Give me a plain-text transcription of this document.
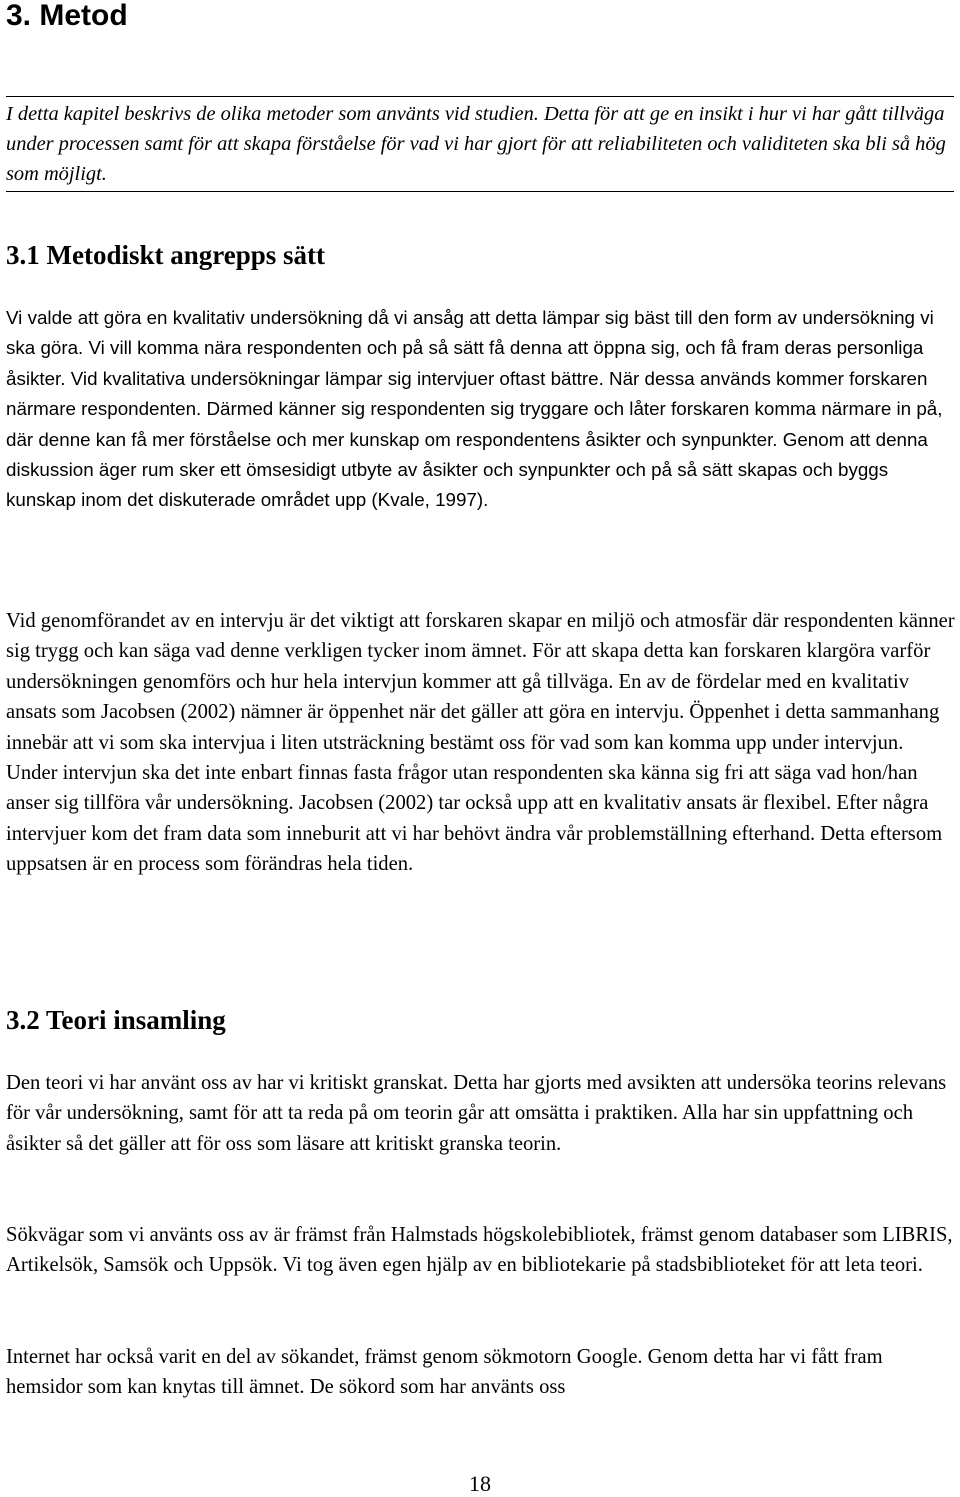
3. Metod
I detta kapitel beskrivs de olika metoder som använts vid studien. Detta för att ge en insikt i hur vi har gått tillväga under processen samt för att skapa förståelse för vad vi har gjort för att reliabiliteten och validiteten ska bli så hög som möjligt.
3.1 Metodiskt angrepps sätt

Vi valde att göra en kvalitativ undersökning då vi ansåg att detta lämpar sig bäst till den form av undersökning vi ska göra. Vi vill komma nära respondenten och på så sätt få denna att öppna sig, och få fram deras personliga åsikter. Vid kvalitativa undersökningar lämpar sig intervjuer oftast bättre. När dessa används kommer forskaren närmare respondenten. Därmed känner sig respondenten sig tryggare och låter forskaren komma närmare in på, där denne kan få mer förståelse och mer kunskap om respondentens åsikter och synpunkter. Genom att denna diskussion äger rum sker ett ömsesidigt utbyte av åsikter och synpunkter och på så sätt skapas och byggs kunskap inom det diskuterade området upp (Kvale, 1997).

Vid genomförandet av en intervju är det viktigt att forskaren skapar en miljö och atmosfär där respondenten känner sig trygg och kan säga vad denne verkligen tycker inom ämnet. För att skapa detta kan forskaren klargöra varför undersökningen genomförs och hur hela intervjun kommer att gå tillväga. En av de fördelar med en kvalitativ ansats som Jacobsen (2002) nämner är öppenhet när det gäller att göra en intervju. Öppenhet i detta sammanhang innebär att vi som ska intervjua i liten utsträckning bestämt oss för vad som kan komma upp under intervjun. Under intervjun ska det inte enbart finnas fasta frågor utan respondenten ska känna sig fri att säga vad hon/han anser sig tillföra vår undersökning. Jacobsen (2002) tar också upp att en kvalitativ ansats är flexibel. Efter några intervjuer kom det fram data som inneburit att vi har behövt ändra vår problemställning efterhand. Detta eftersom uppsatsen är en process som förändras hela tiden.

3.2 Teori insamling

Den teori vi har använt oss av har vi kritiskt granskat. Detta har gjorts med avsikten att undersöka teorins relevans för vår undersökning, samt för att ta reda på om teorin går att omsätta i praktiken. Alla har sin uppfattning och åsikter så det gäller att för oss som läsare att kritiskt granska teorin.

Sökvägar som vi använts oss av är främst från Halmstads högskolebibliotek, främst genom databaser som LIBRIS, Artikelsök, Samsök och Uppsök. Vi tog även egen hjälp av en bibliotekarie på stadsbiblioteket för att leta teori.

Internet har också varit en del av sökandet, främst genom sökmotorn Google. Genom detta har vi fått fram hemsidor som kan knytas till ämnet. De sökord som har använts oss

18
